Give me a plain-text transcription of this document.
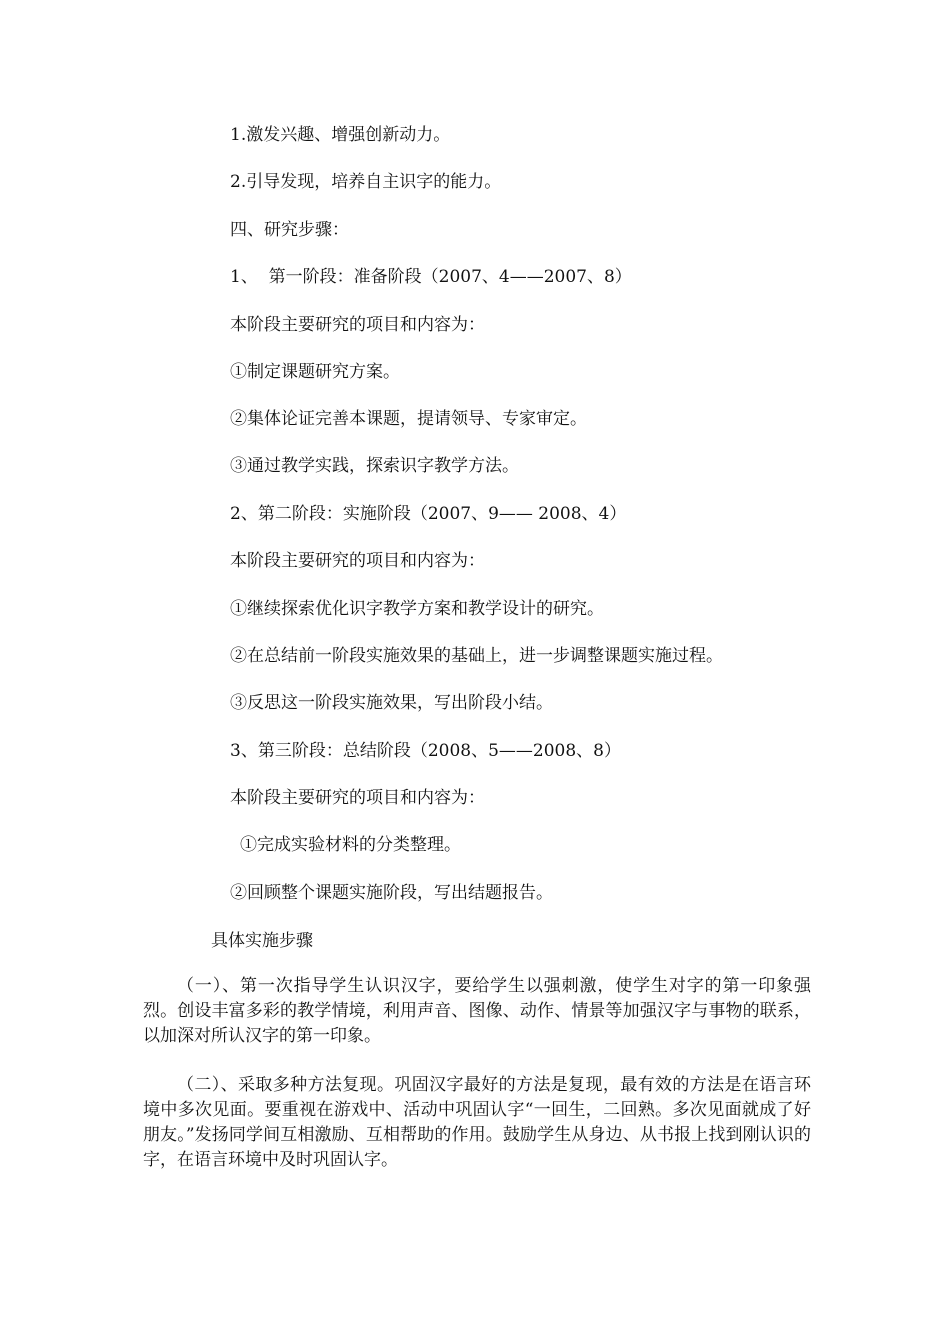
1.激发兴趣、增强创新动力。

2.引导发现，培养自主识字的能力。

四、研究步骤：

1、  第一阶段：准备阶段（2007、4——2007、8）

本阶段主要研究的项目和内容为：

①制定课题研究方案。

②集体论证完善本课题，提请领导、专家审定。

③通过教学实践，探索识字教学方法。

2、第二阶段：实施阶段（2007、9—— 2008、4）

本阶段主要研究的项目和内容为：

①继续探索优化识字教学方案和教学设计的研究。

②在总结前一阶段实施效果的基础上，进一步调整课题实施过程。

③反思这一阶段实施效果，写出阶段小结。

3、第三阶段：总结阶段（2008、5——2008、8）

本阶段主要研究的项目和内容为：

①完成实验材料的分类整理。

②回顾整个课题实施阶段，写出结题报告。

具体实施步骤

（一）、第一次指导学生认识汉字，要给学生以强刺激，使学生对字的第一印象强烈。创设丰富多彩的教学情境，利用声音、图像、动作、情景等加强汉字与事物的联系，以加深对所认汉字的第一印象。

（二）、采取多种方法复现。巩固汉字最好的方法是复现，最有效的方法是在语言环境中多次见面。要重视在游戏中、活动中巩固认字“一回生，二回熟。多次见面就成了好朋友。”发扬同学间互相激励、互相帮助的作用。鼓励学生从身边、从书报上找到刚认识的字，在语言环境中及时巩固认字。
